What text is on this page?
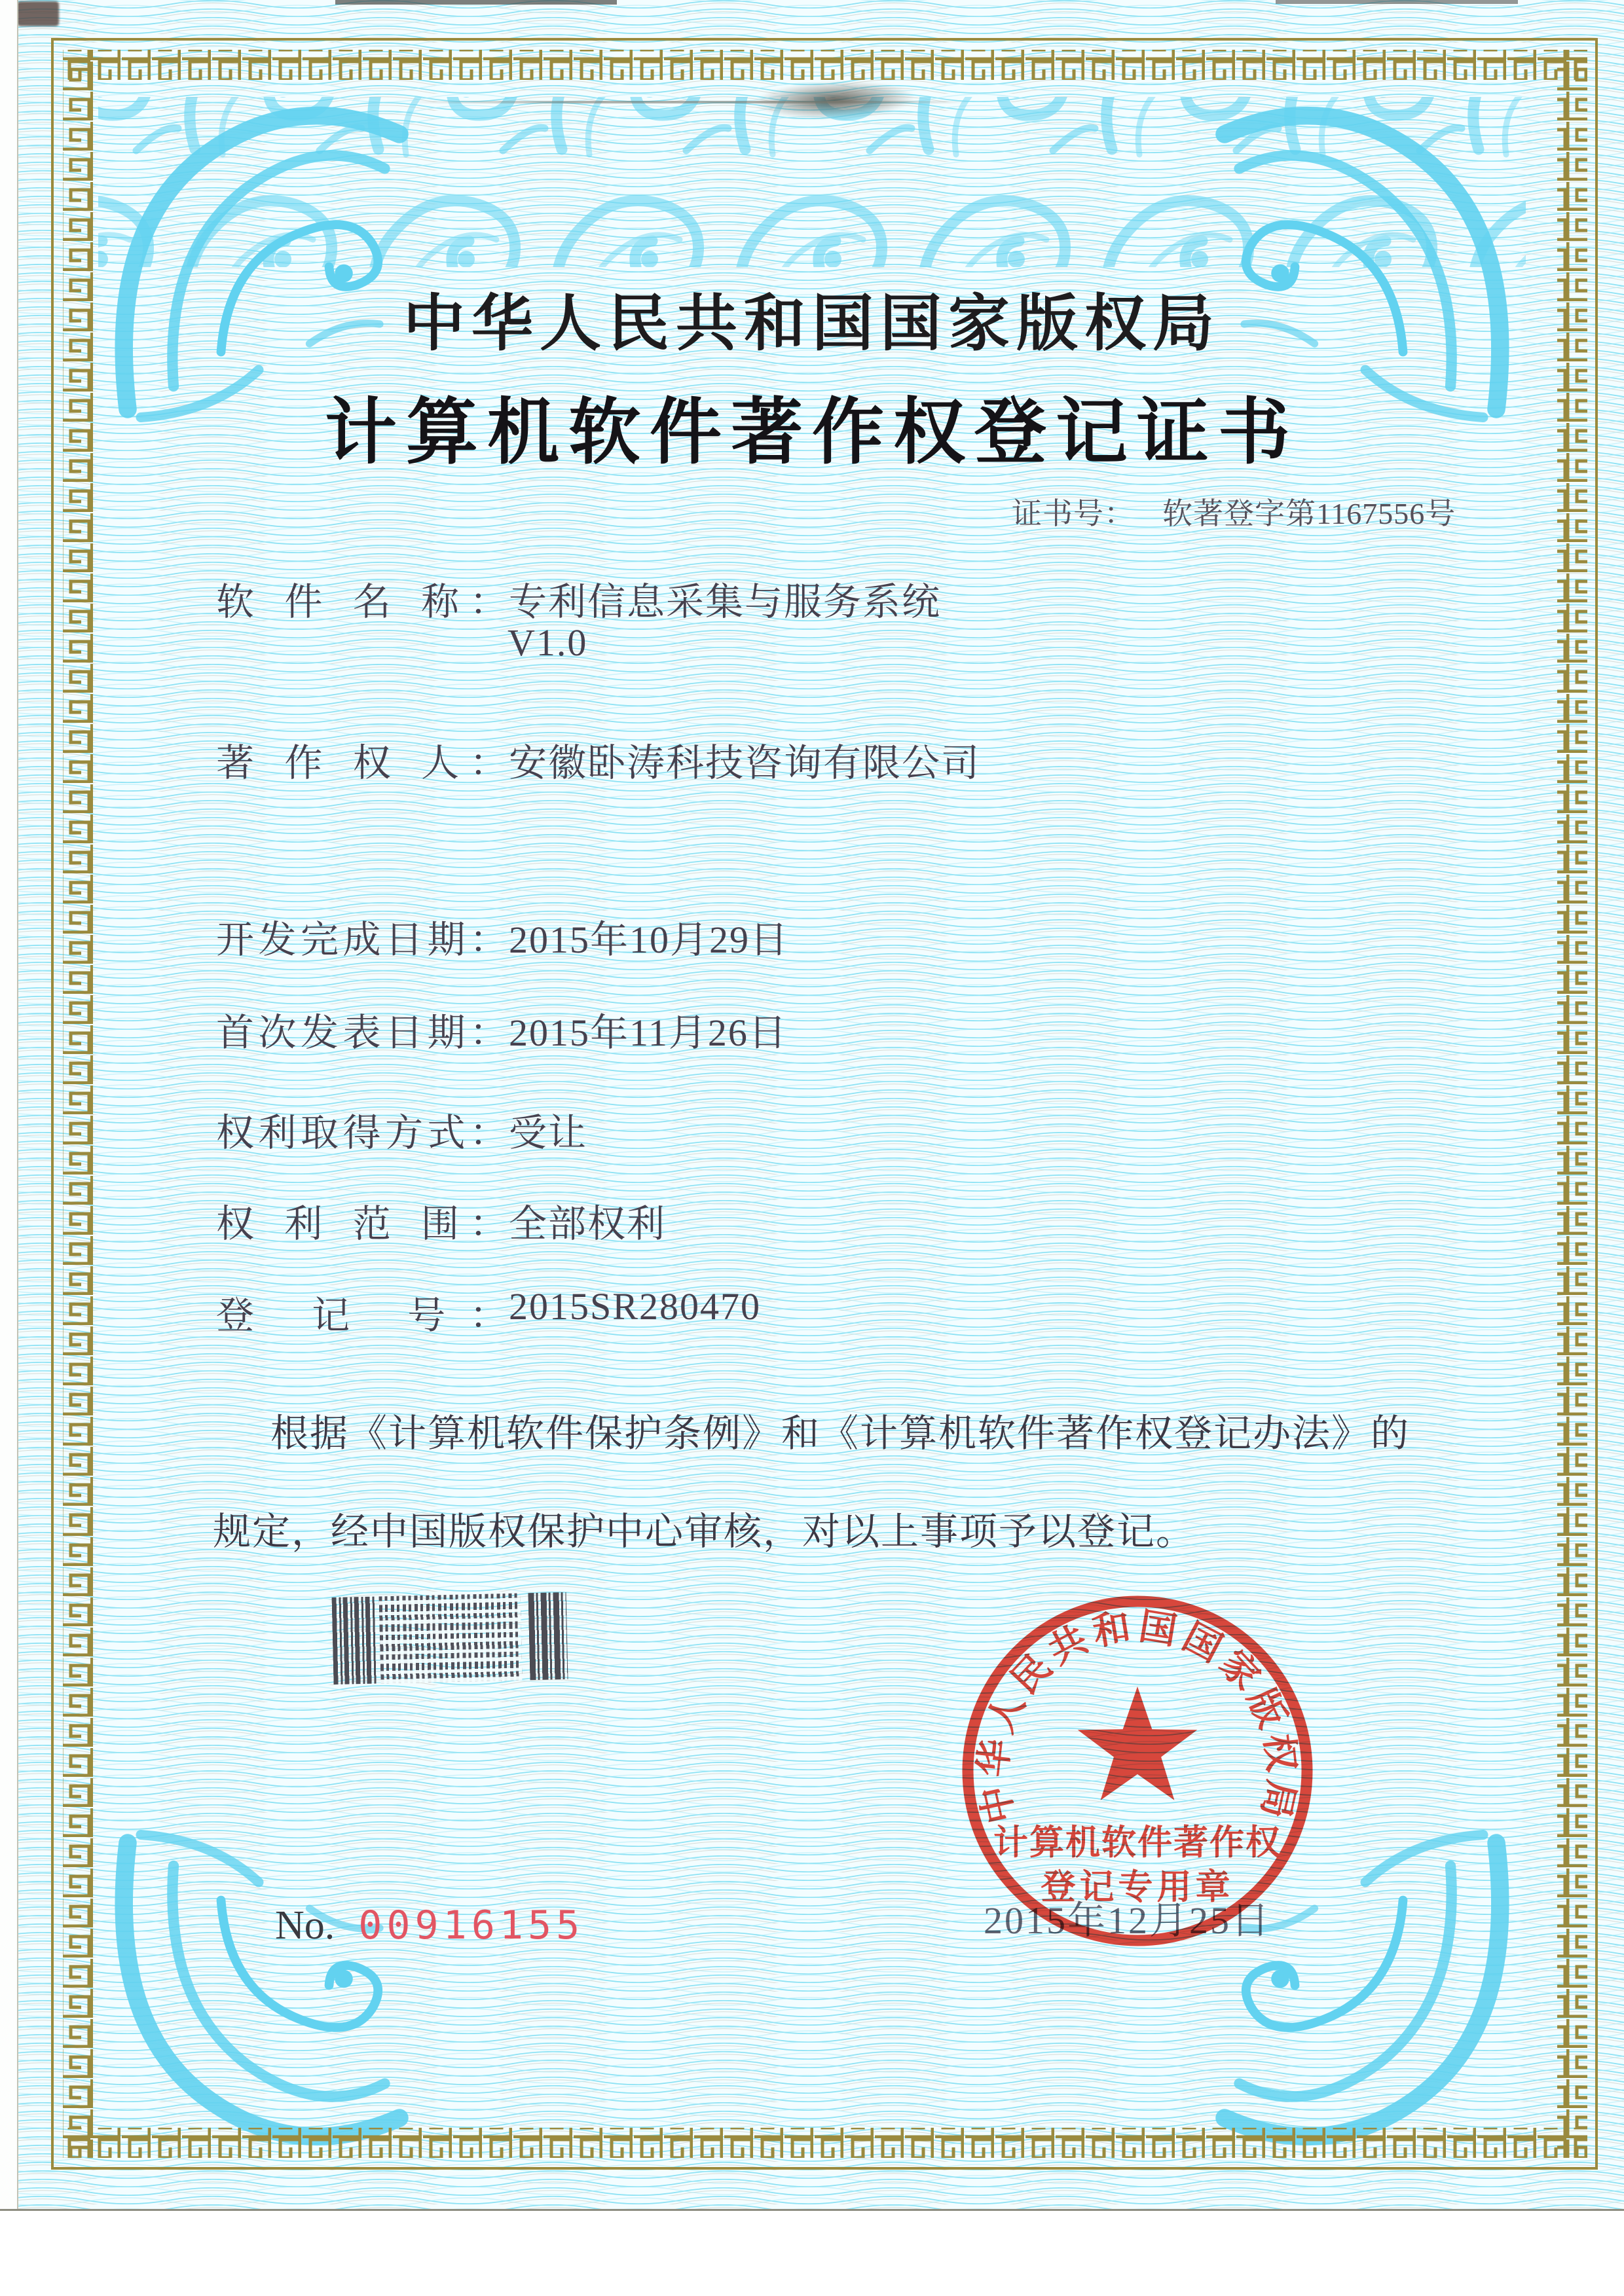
中华人民共和国国家版权局
计算机软件著作权登记证书
证书号： 软著登字第1167556号
软 件 名 称：专利信息采集与服务系统
V1.0
著 作 权 人：安徽卧涛科技咨询有限公司
开发完成日期：2015年10月29日
首次发表日期：2015年11月26日
权利取得方式：受让
权 利 范 围：全部权利
登 记 号：2015SR280470
根据《计算机软件保护条例》和《计算机软件著作权登记办法》的
规定，经中国版权保护中心审核，对以上事项予以登记。
中华人民共和国国家版权局
计算机软件著作权
登记专用章
2015年12月25日
No. 00916155
